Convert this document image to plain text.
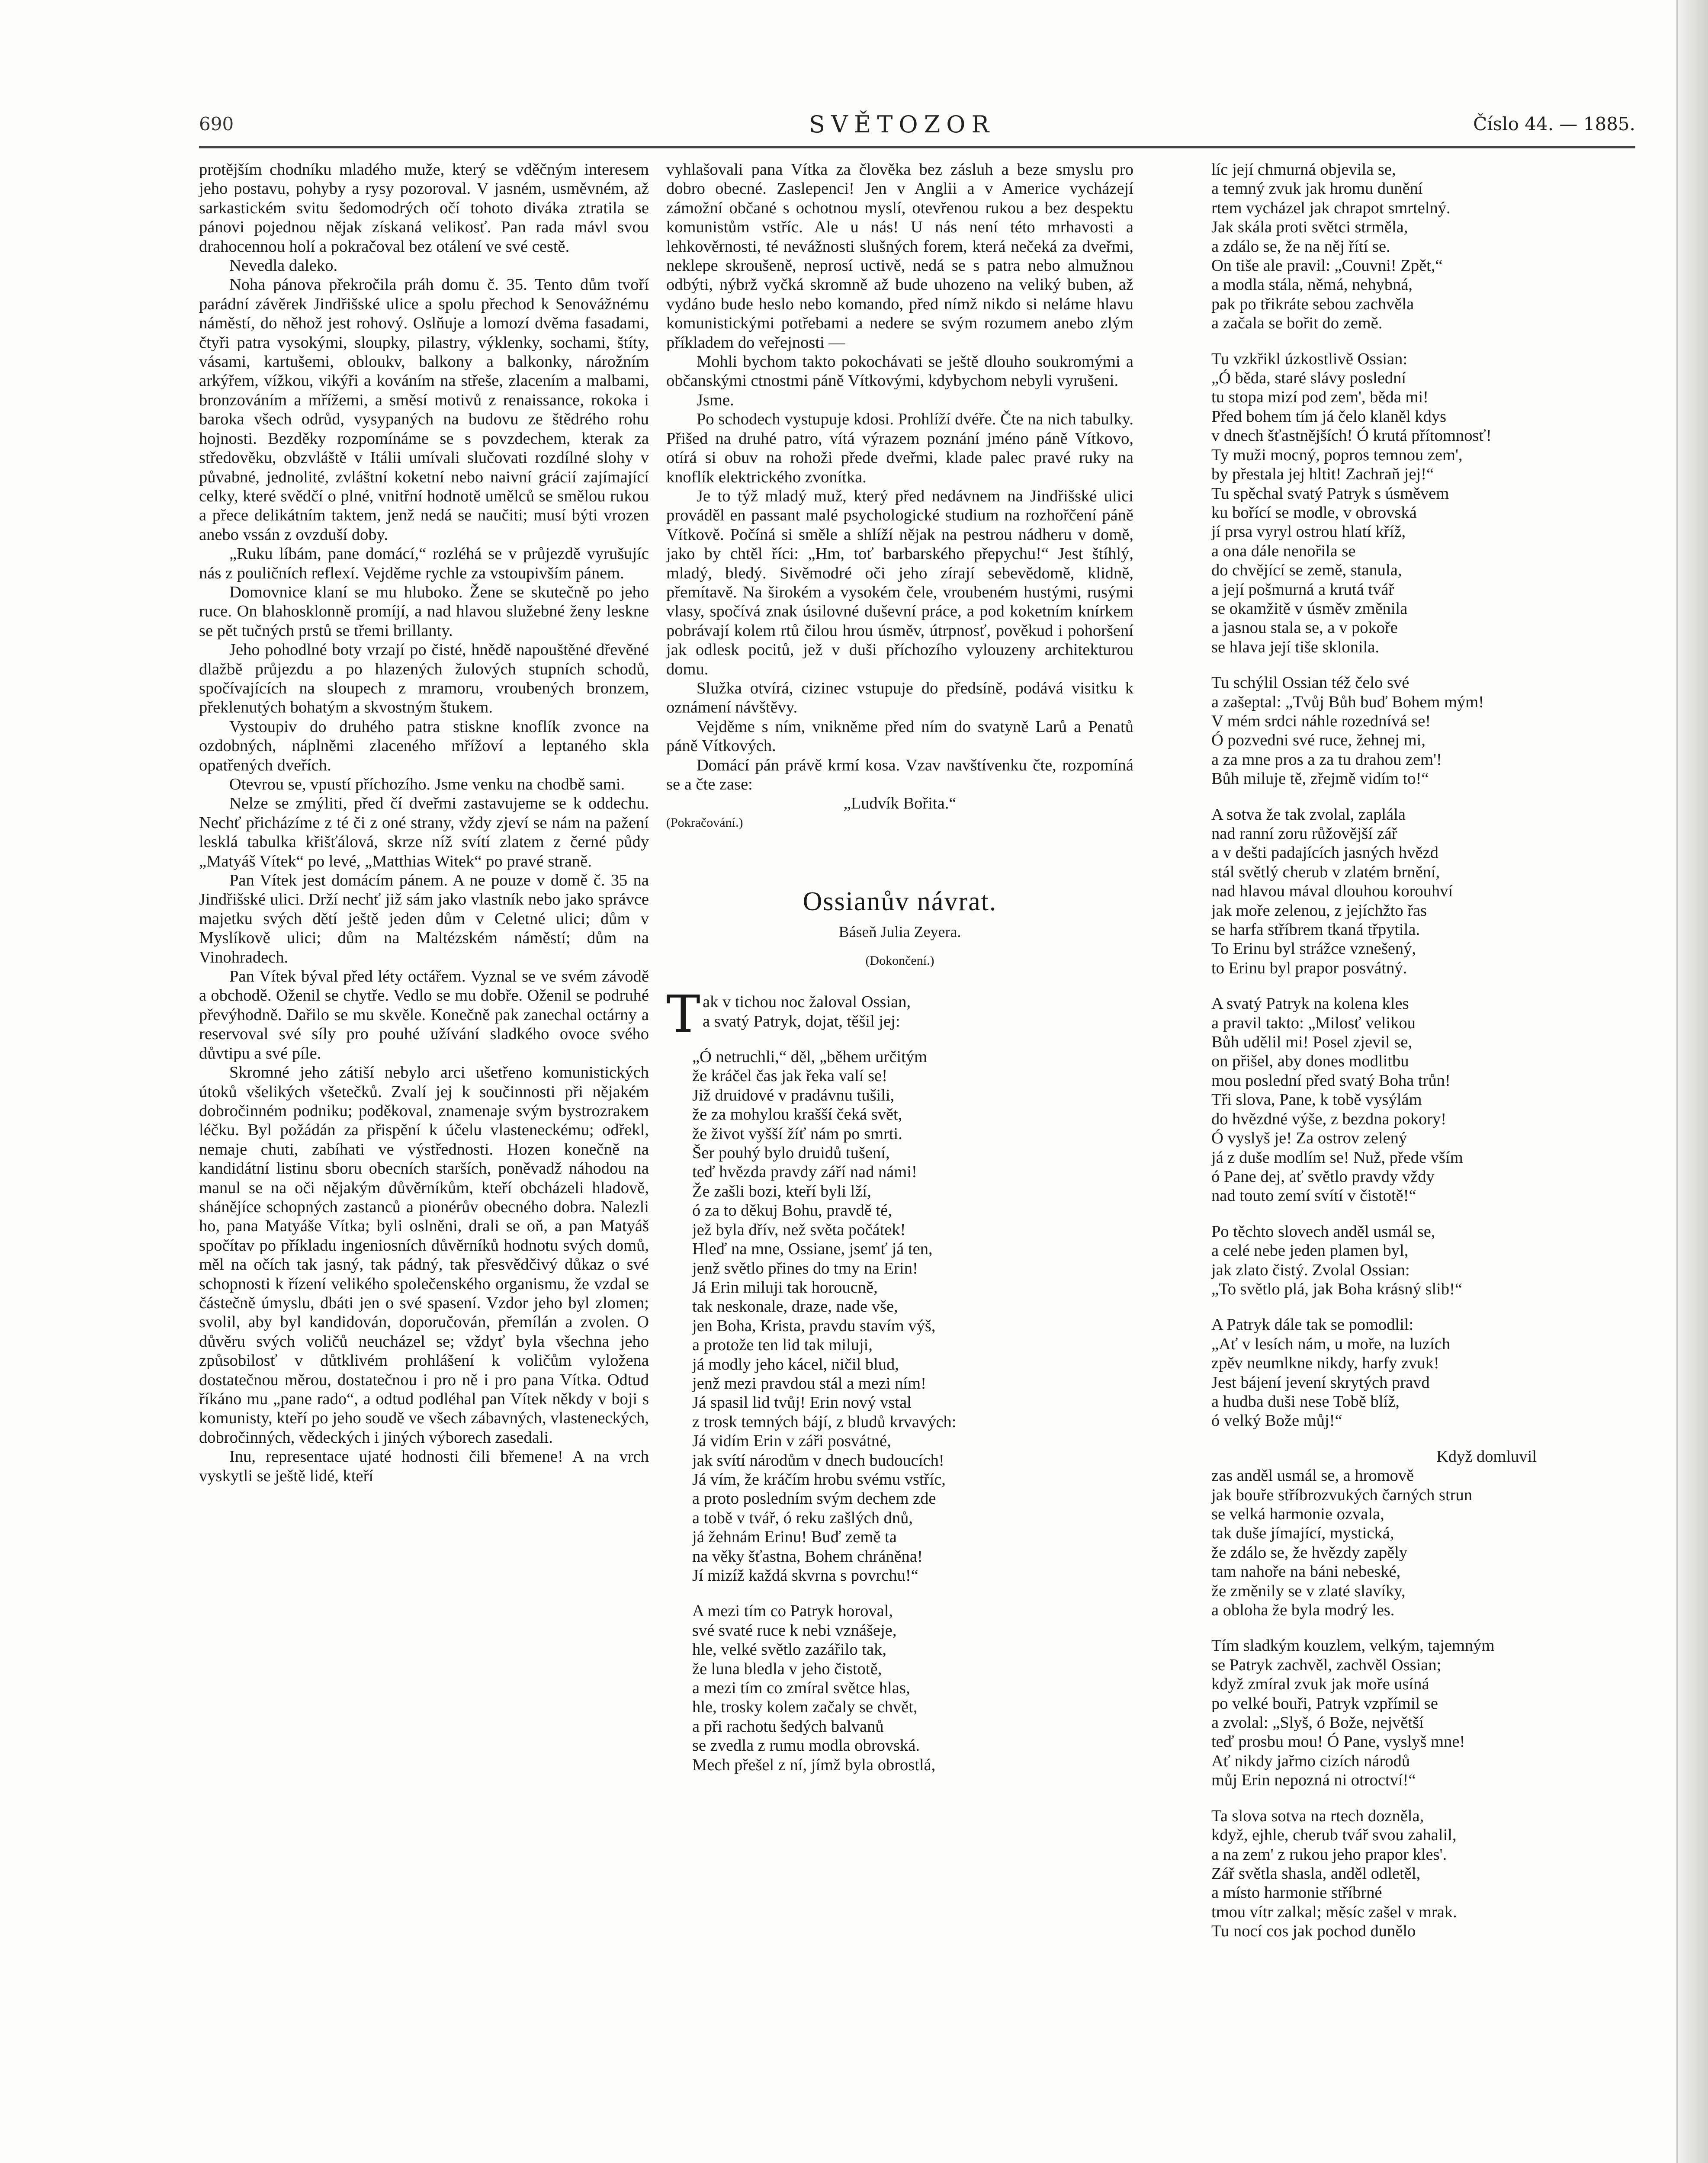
690	SVĚTOZOR	Číslo 44. — 1885.

protějším chodníku mladého muže, který se vděčným interesem jeho postavu, pohyby a rysy pozoroval. V jasném, usměvném, až sarkastickém svitu šedomodrých očí tohoto diváka ztratila se pánovi pojednou nějak získaná velikosť. Pan rada mávl svou drahocennou holí a pokračoval bez otálení ve své cestě.

Nevedla daleko.

Noha pánova překročila práh domu č. 35. Tento dům tvoří parádní závěrek Jindřišské ulice a spolu přechod k Senovážnému náměstí, do něhož jest rohový. Oslňuje a lomozí dvěma fasadami, čtyři patra vysokými, sloupky, pilastry, výklenky, sochami, štíty, vásami, kartušemi, obloukv, balkony a balkonky, nárožním arkýřem, vížkou, vikýři a kováním na střeše, zlacením a malbami, bronzováním a mřížemi, a směsí motivů z renaissance, rokoka i baroka všech odrůd, vysypaných na budovu ze štědrého rohu hojnosti. Bezděky rozpomínáme se s povzdechem, kterak za středověku, obzvláště v Itálii umívali slučovati rozdílné slohy v půvabné, jednolité, zvláštní koketní nebo naivní grácií zajímající celky, které svědčí o plné, vnitřní hodnotě umělců se smělou rukou a přece delikátním taktem, jenž nedá se naučiti; musí býti vrozen anebo vssán z ovzduší doby.

„Ruku líbám, pane domácí,“ rozléhá se v průjezdě vyrušujíc nás z pouličních reflexí. Vejděme rychle za vstoupivším pánem.

Domovnice klaní se mu hluboko. Žene se skutečně po jeho ruce. On blahosklonně promíjí, a nad hlavou služebné ženy leskne se pět tučných prstů se třemi brillanty.

Jeho pohodlné boty vrzají po čisté, hnědě napouštěné dřevěné dlažbě průjezdu a po hlazených žulových stupních schodů, spočívajících na sloupech z mramoru, vroubených bronzem, překlenutých bohatým a skvostným štukem.

Vystoupiv do druhého patra stiskne knoflík zvonce na ozdobných, náplněmi zlaceného mřížoví a leptaného skla opatřených dveřích.

Otevrou se, vpustí příchozího. Jsme venku na chodbě sami.

Nelze se zmýliti, před čí dveřmi zastavujeme se k oddechu. Nechť přicházíme z té či z oné strany, vždy zjeví se nám na pažení lesklá tabulka křišťálová, skrze níž svítí zlatem z černé půdy „Matyáš Vítek“ po levé, „Matthias Witek“ po pravé straně.

Pan Vítek jest domácím pánem. A ne pouze v domě č. 35 na Jindřišské ulici. Drží nechť již sám jako vlastník nebo jako správce majetku svých dětí ještě jeden dům v Celetné ulici; dům v Myslíkově ulici; dům na Maltézském náměstí; dům na Vinohradech.

Pan Vítek býval před léty octářem. Vyznal se ve svém závodě a obchodě. Oženil se chytře. Vedlo se mu dobře. Oženil se podruhé převýhodně. Dařilo se mu skvěle. Konečně pak zanechal octárny a reservoval své síly pro pouhé užívání sladkého ovoce svého důvtipu a své píle.

Skromné jeho zátiší nebylo arci ušetřeno komunistických útoků všelikých všetečků. Zvalí jej k součinnosti při nějakém dobročinném podniku; poděkoval, znamenaje svým bystrozrakem léčku. Byl požádán za přispění k účelu vlasteneckému; odřekl, nemaje chuti, zabíhati ve výstřednosti. Hozen konečně na kandidátní listinu sboru obecních starších, poněvadž náhodou na manul se na oči nějakým důvěrníkům, kteří obcházeli hladově, shánějíce schopných zastanců a pionérův obecného dobra. Nalezli ho, pana Matyáše Vítka; byli oslněni, drali se oň, a pan Matyáš spočítav po příkladu ingeniosních důvěrníků hodnotu svých domů, měl na očích tak jasný, tak pádný, tak přesvědčivý důkaz o své schopnosti k řízení velikého společenského organismu, že vzdal se částečně úmyslu, dbáti jen o své spasení. Vzdor jeho byl zlomen; svolil, aby byl kandidován, doporučován, přemílán a zvolen. O důvěru svých voličů neucházel se; vždyť byla všechna jeho způsobilosť v důtklivém prohlášení k voličům vyložena dostatečnou měrou, dostatečnou i pro ně i pro pana Vítka. Odtud říkáno mu „pane rado“, a odtud podléhal pan Vítek někdy v boji s komunisty, kteří po jeho soudě ve všech zábavných, vlasteneckých, dobročinných, vědeckých i jiných výborech zasedali.

Inu, representace ujaté hodnosti čili břemene! A na vrch vyskytli se ještě lidé, kteří

vyhlašovali pana Vítka za člověka bez zásluh a beze smyslu pro dobro obecné. Zaslepenci! Jen v Anglii a v Americe vycházejí zámožní občané s ochotnou myslí, otevřenou rukou a bez despektu komunistům vstříc. Ale u nás! U nás není této mrhavosti a lehkověrnosti, té nevážnosti slušných forem, která nečeká za dveřmi, neklepe skroušeně, neprosí uctivě, nedá se s patra nebo almužnou odbýti, nýbrž vyčká skromně až bude uhozeno na veliký buben, až vydáno bude heslo nebo komando, před nímž nikdo si neláme hlavu komunistickými potřebami a nedere se svým rozumem anebo zlým příkladem do veřejnosti —

Mohli bychom takto pokochávati se ještě dlouho soukromými a občanskými ctnostmi páně Vítkovými, kdybychom nebyli vyrušeni.

Jsme.

Po schodech vystupuje kdosi. Prohlíží dvéře. Čte na nich tabulky. Přišed na druhé patro, vítá výrazem poznání jméno páně Vítkovo, otírá si obuv na rohoži přede dveřmi, klade palec pravé ruky na knoflík elektrického zvonítka.

Je to týž mladý muž, který před nedávnem na Jindřišské ulici prováděl en passant malé psychologické studium na rozhořčení páně Vítkově. Počíná si směle a shlíží nějak na pestrou nádheru v domě, jako by chtěl říci: „Hm, toť barbarského přepychu!“ Jest štíhlý, mladý, bledý. Sivěmodré oči jeho zírají sebevědomě, klidně, přemítavě. Na širokém a vysokém čele, vroubeném hustými, rusými vlasy, spočívá znak úsilovné duševní práce, a pod koketním knírkem pobrávají kolem rtů čilou hrou úsměv, útrpnosť, pověkud i pohoršení jak odlesk pocitů, jež v duši příchozího vylouzeny architekturou domu.

Služka otvírá, cizinec vstupuje do předsíně, podává visitku k oznámení návštěvy.

Vejděme s ním, vnikněme před ním do svatyně Larů a Penatů páně Vítkových.

Domácí pán právě krmí kosa. Vzav navštívenku čte, rozpomíná se a čte zase:

„Ludvík Bořita.“

(Pokračování.)

Ossianův návrat.
Báseň Julia Zeyera.
(Dokončení.)
Tak v tichou noc žaloval Ossian,
a svatý Patryk, dojat, těšil jej:
„Ó netruchli,“ děl, „během určitým
že kráčel čas jak řeka valí se!
Již druidové v pradávnu tušili,
že za mohylou krašší čeká svět,
že život vyšší žíť nám po smrti.
Šer pouhý bylo druidů tušení,
teď hvězda pravdy září nad námi!
Že zašli bozi, kteří byli lží,
ó za to děkuj Bohu, pravdě té,
jež byla dřív, než světa počátek!
Hleď na mne, Ossiane, jsemť já ten,
jenž světlo přines do tmy na Erin!
Já Erin miluji tak horoucně,
tak neskonale, draze, nade vše,
jen Boha, Krista, pravdu stavím výš,
a protože ten lid tak miluji,
já modly jeho kácel, ničil blud,
jenž mezi pravdou stál a mezi ním!
Já spasil lid tvůj! Erin nový vstal
z trosk temných bájí, z bludů krvavých:
Já vidím Erin v záři posvátné,
jak svítí národům v dnech budoucích!
Já vím, že kráčím hrobu svému vstříc,
a proto posledním svým dechem zde
a tobě v tvář, ó reku zašlých dnů,
já žehnám Erinu! Buď země ta
na věky šťastna, Bohem chráněna!
Jí mizíž každá skvrna s povrchu!“
A mezi tím co Patryk horoval,
své svaté ruce k nebi vznášeje,
hle, velké světlo zazářilo tak,
že luna bledla v jeho čistotě,
a mezi tím co zmíral světce hlas,
hle, trosky kolem začaly se chvět,
a při rachotu šedých balvanů
se zvedla z rumu modla obrovská.
Mech přešel z ní, jímž byla obrostlá,
líc její chmurná objevila se,
a temný zvuk jak hromu dunění
rtem vycházel jak chrapot smrtelný.
Jak skála proti světci strměla,
a zdálo se, že na něj řítí se.
On tiše ale pravil: „Couvni! Zpět,“
a modla stála, němá, nehybná,
pak po třikráte sebou zachvěla
a začala se bořit do země.
Tu vzkřikl úzkostlivě Ossian:
„Ó běda, staré slávy poslední
tu stopa mizí pod zem', běda mi!
Před bohem tím já čelo klaněl kdys
v dnech šťastnějších! Ó krutá přítomnosť!
Ty muži mocný, popros temnou zem',
by přestala jej hltit! Zachraň jej!“
Tu spěchal svatý Patryk s úsměvem
ku bořící se modle, v obrovská
jí prsa vyryl ostrou hlatí kříž,
a ona dále nenořila se
do chvějící se země, stanula,
a její pošmurná a krutá tvář
se okamžitě v úsměv změnila
a jasnou stala se, a v pokoře
se hlava její tiše sklonila.
Tu schýlil Ossian též čelo své
a zašeptal: „Tvůj Bůh buď Bohem mým!
V mém srdci náhle rozednívá se!
Ó pozvedni své ruce, žehnej mi,
a za mne pros a za tu drahou zem'!
Bůh miluje tě, zřejmě vidím to!“
A sotva že tak zvolal, zaplála
nad ranní zoru růžovější zář
a v dešti padajících jasných hvězd
stál světlý cherub v zlatém brnění,
nad hlavou mával dlouhou korouhví
jak moře zelenou, z jejíchžto řas
se harfa stříbrem tkaná třpytila.
To Erinu byl strážce vznešený,
to Erinu byl prapor posvátný.
A svatý Patryk na kolena kles
a pravil takto: „Milosť velikou
Bůh udělil mi! Posel zjevil se,
on přišel, aby dones modlitbu
mou poslední před svatý Boha trůn!
Tři slova, Pane, k tobě vysýlám
do hvězdné výše, z bezdna pokory!
Ó vyslyš je! Za ostrov zelený
já z duše modlím se! Nuž, přede vším
ó Pane dej, ať světlo pravdy vždy
nad touto zemí svítí v čistotě!“
Po těchto slovech anděl usmál se,
a celé nebe jeden plamen byl,
jak zlato čistý. Zvolal Ossian:
„To světlo plá, jak Boha krásný slib!“
A Patryk dále tak se pomodlil:
„Ať v lesích nám, u moře, na luzích
zpěv neumlkne nikdy, harfy zvuk!
Jest bájení jevení skrytých pravd
a hudba duši nese Tobě blíž,
ó velký Bože můj!“
Když domluvil
zas anděl usmál se, a hromově
jak bouře stříbrozvukých čarných strun
se velká harmonie ozvala,
tak duše jímající, mystická,
že zdálo se, že hvězdy zapěly
tam nahoře na báni nebeské,
že změnily se v zlaté slavíky,
a obloha že byla modrý les.
Tím sladkým kouzlem, velkým, tajemným
se Patryk zachvěl, zachvěl Ossian;
když zmíral zvuk jak moře usíná
po velké bouři, Patryk vzpřímil se
a zvolal: „Slyš, ó Bože, největší
teď prosbu mou! Ó Pane, vyslyš mne!
Ať nikdy jařmo cizích národů
můj Erin nepozná ni otroctví!“
Ta slova sotva na rtech dozněla,
když, ejhle, cherub tvář svou zahalil,
a na zem' z rukou jeho prapor kles'.
Zář světla shasla, anděl odletěl,
a místo harmonie stříbrné
tmou vítr zalkal; měsíc zašel v mrak.
Tu nocí cos jak pochod dunělo
